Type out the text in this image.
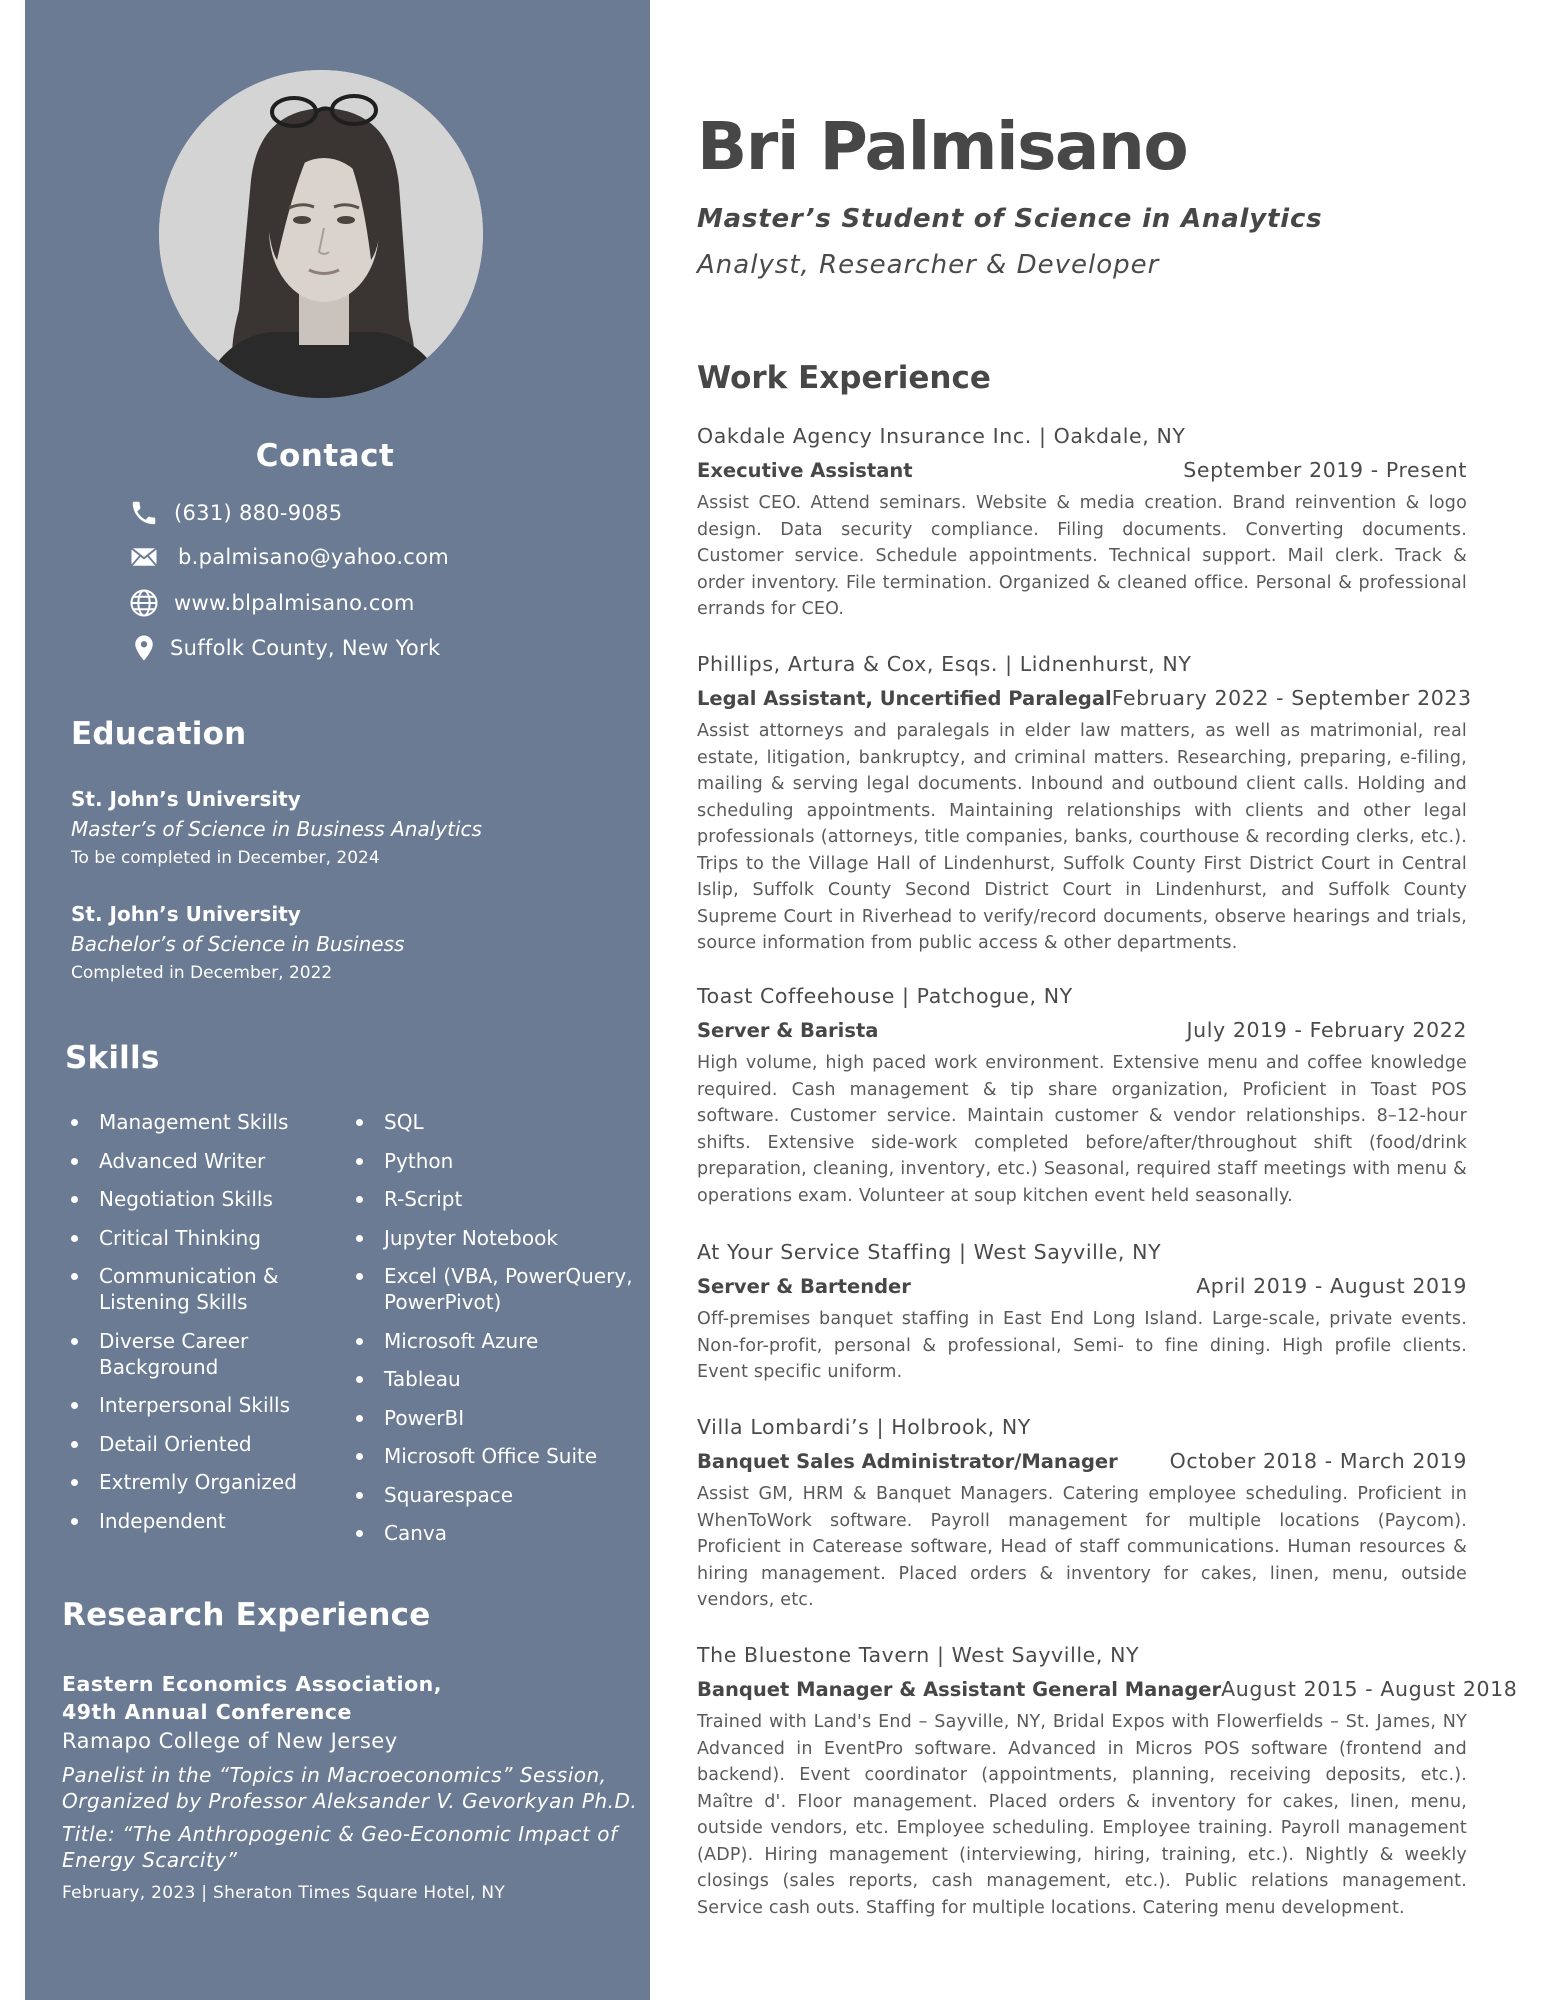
Contact
(631) 880-9085
b.palmisano@yahoo.com
www.blpalmisano.com
Suffolk County, New York
Education
St. John’s University
Master’s of Science in Business Analytics
To be completed in December, 2024
St. John’s University
Bachelor’s of Science in Business
Completed in December, 2022
Skills
Management Skills
Advanced Writer
Negotiation Skills
Critical Thinking
Communication & Listening Skills
Diverse Career Background
Interpersonal Skills
Detail Oriented
Extremly Organized
Independent
SQL
Python
R-Script
Jupyter Notebook
Excel (VBA, PowerQuery, PowerPivot)
Microsoft Azure
Tableau
PowerBI
Microsoft Office Suite
Squarespace
Canva
Research Experience
Eastern Economics Association,
49th Annual Conference
Ramapo College of New Jersey
Panelist in the “Topics in Macroeconomics” Session, Organized by Professor Aleksander V. Gevorkyan Ph.D.
Title: “The Anthropogenic & Geo-Economic Impact of Energy Scarcity”
February, 2023 | Sheraton Times Square Hotel, NY
Bri Palmisano
Master’s Student of Science in Analytics
Analyst, Researcher & Developer
Work Experience
Oakdale Agency Insurance Inc. | Oakdale, NY
Executive Assistant	September 2019 - Present
Assist CEO. Attend seminars. Website & media creation. Brand reinvention & logo design. Data security compliance. Filing documents. Converting documents. Customer service. Schedule appointments. Technical support. Mail clerk. Track & order inventory. File termination. Organized & cleaned office. Personal & professional errands for CEO.
Phillips, Artura & Cox, Esqs. | Lidnenhurst, NY
Legal Assistant, Uncertified Paralegal February 2022 - September 2023
Assist attorneys and paralegals in elder law matters, as well as matrimonial, real estate, litigation, bankruptcy, and criminal matters. Researching, preparing, e-filing, mailing & serving legal documents. Inbound and outbound client calls. Holding and scheduling appointments. Maintaining relationships with clients and other legal professionals (attorneys, title companies, banks, courthouse & recording clerks, etc.). Trips to the Village Hall of Lindenhurst, Suffolk County First District Court in Central Islip, Suffolk County Second District Court in Lindenhurst, and Suffolk County Supreme Court in Riverhead to verify/record documents, observe hearings and trials, source information from public access & other departments.
Toast Coffeehouse | Patchogue, NY
Server & Barista	July 2019 - February 2022
High volume, high paced work environment. Extensive menu and coffee knowledge required. Cash management & tip share organization, Proficient in Toast POS software. Customer service. Maintain customer & vendor relationships. 8–12-hour shifts. Extensive side-work completed before/after/throughout shift (food/drink preparation, cleaning, inventory, etc.) Seasonal, required staff meetings with menu & operations exam. Volunteer at soup kitchen event held seasonally.
At Your Service Staffing | West Sayville, NY
Server & Bartender	April 2019 - August 2019
Off-premises banquet staffing in East End Long Island. Large-scale, private events. Non-for-profit, personal & professional, Semi- to fine dining. High profile clients. Event specific uniform.
Villa Lombardi’s | Holbrook, NY
Banquet Sales Administrator/Manager	October 2018 - March 2019
Assist GM, HRM & Banquet Managers. Catering employee scheduling. Proficient in WhenToWork software. Payroll management for multiple locations (Paycom). Proficient in Caterease software, Head of staff communications. Human resources & hiring management. Placed orders & inventory for cakes, linen, menu, outside vendors, etc.
The Bluestone Tavern | West Sayville, NY
Banquet Manager & Assistant General Manager August 2015 - August 2018
Trained with Land's End – Sayville, NY, Bridal Expos with Flowerfields – St. James, NY Advanced in EventPro software. Advanced in Micros POS software (frontend and backend). Event coordinator (appointments, planning, receiving deposits, etc.). Maître d'. Floor management. Placed orders & inventory for cakes, linen, menu, outside vendors, etc. Employee scheduling. Employee training. Payroll management (ADP). Hiring management (interviewing, hiring, training, etc.). Nightly & weekly closings (sales reports, cash management, etc.). Public relations management. Service cash outs. Staffing for multiple locations. Catering menu development.
